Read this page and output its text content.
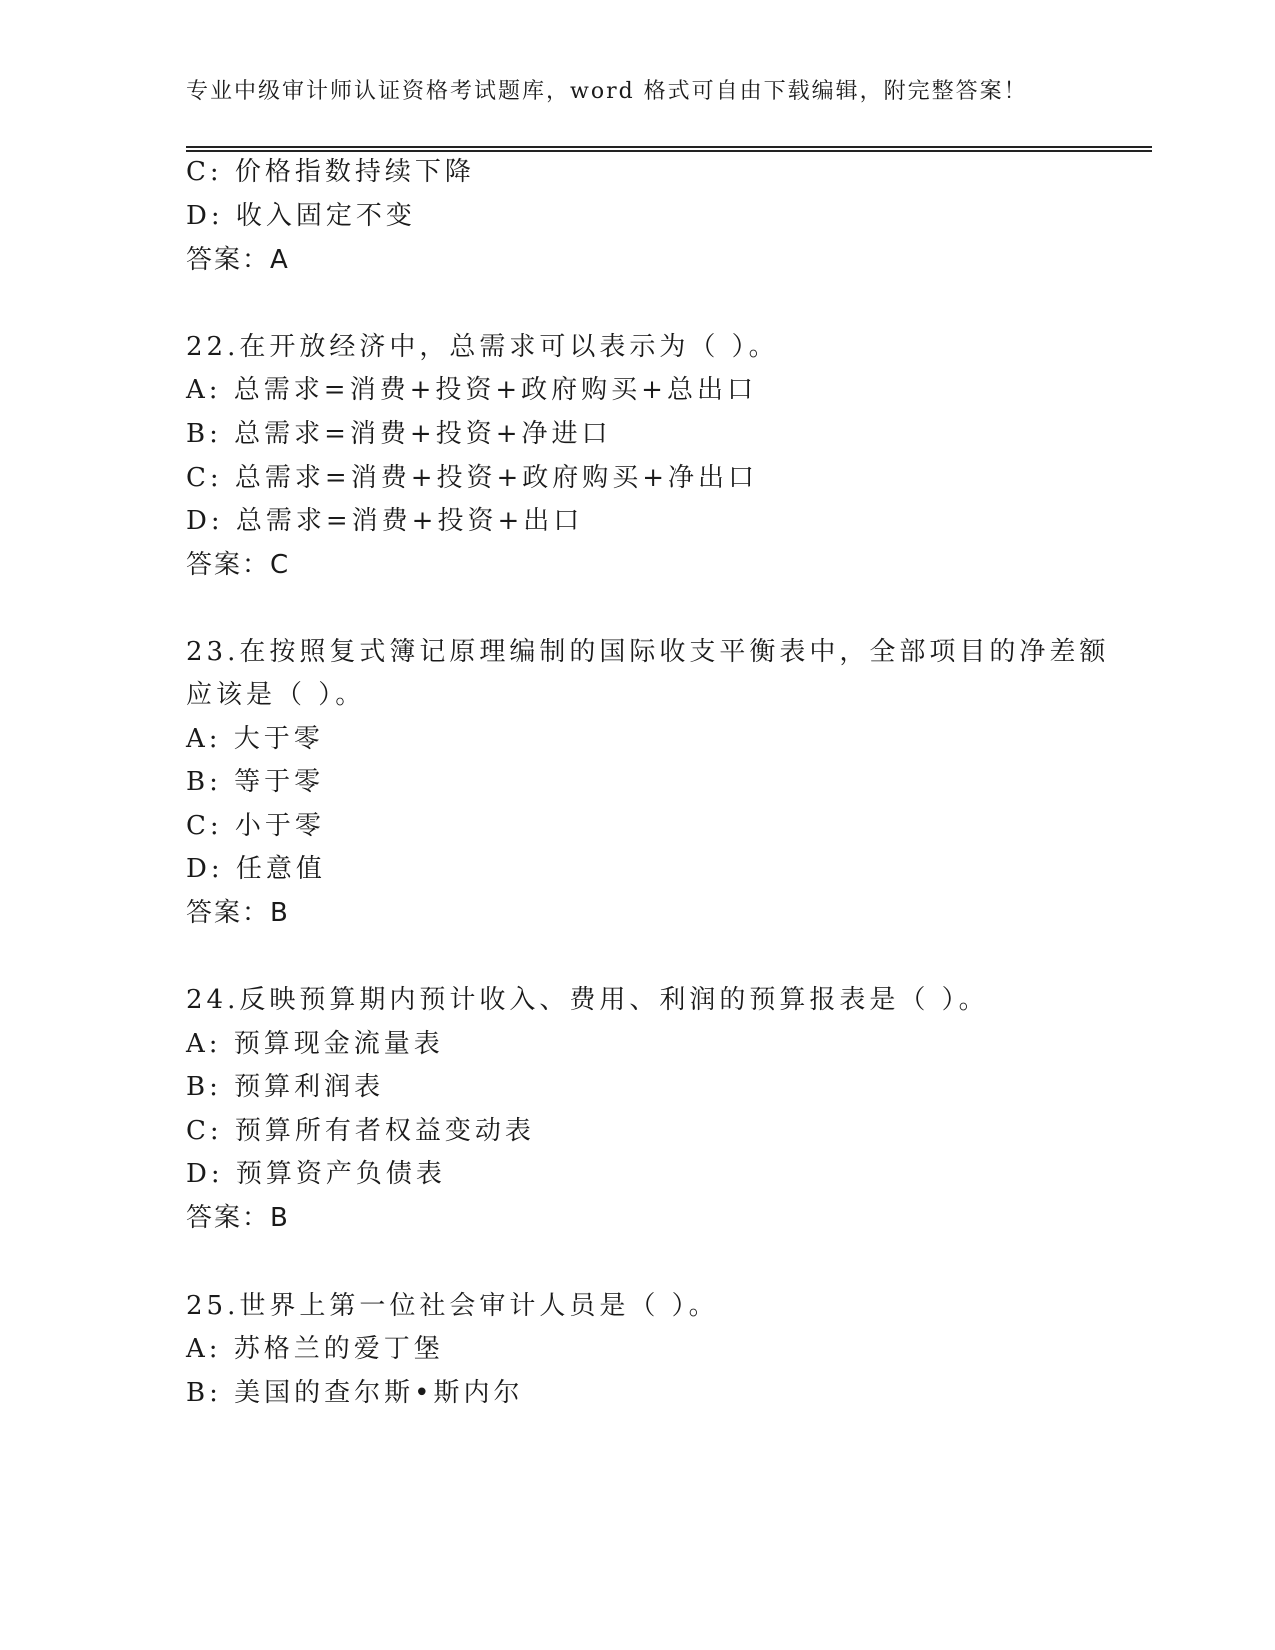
专业中级审计师认证资格考试题库，word 格式可自由下载编辑，附完整答案！
C: 价格指数持续下降
D: 收入固定不变
答案：A
22.在开放经济中，总需求可以表示为（ ）。
A: 总需求=消费+投资+政府购买+总出口
B: 总需求=消费+投资+净进口
C: 总需求=消费+投资+政府购买+净出口
D: 总需求=消费+投资+出口
答案：C
23.在按照复式簿记原理编制的国际收支平衡表中，全部项目的净差额
应该是（ ）。
A: 大于零
B: 等于零
C: 小于零
D: 任意值
答案：B
24.反映预算期内预计收入、费用、利润的预算报表是（ ）。
A: 预算现金流量表
B: 预算利润表
C: 预算所有者权益变动表
D: 预算资产负债表
答案：B
25.世界上第一位社会审计人员是（ ）。
A: 苏格兰的爱丁堡
B: 美国的查尔斯•斯内尔
